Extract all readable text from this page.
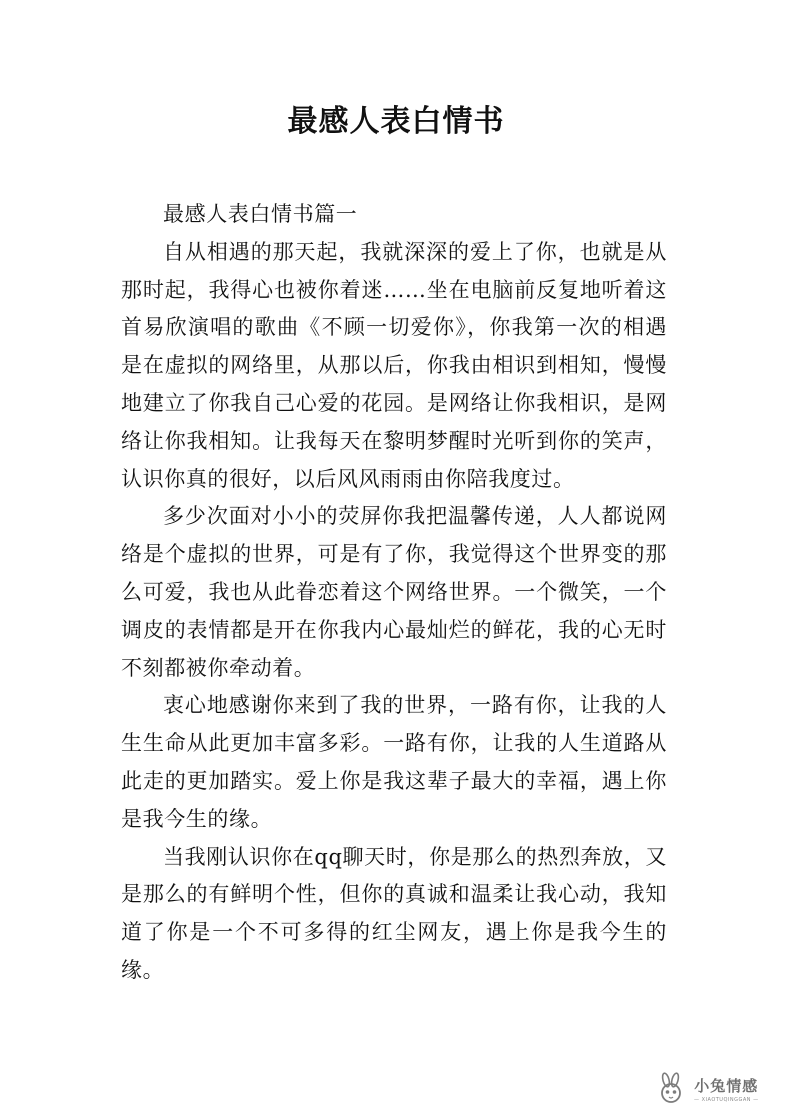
最感人表白情书

最感人表白情书篇一

自从相遇的那天起，我就深深的爱上了你，也就是从那时起，我得心也被你着迷……坐在电脑前反复地听着这首易欣演唱的歌曲《不顾一切爱你》，你我第一次的相遇是在虚拟的网络里，从那以后，你我由相识到相知，慢慢地建立了你我自己心爱的花园。是网络让你我相识，是网络让你我相知。让我每天在黎明梦醒时光听到你的笑声，认识你真的很好，以后风风雨雨由你陪我度过。

多少次面对小小的荧屏你我把温馨传递，人人都说网络是个虚拟的世界，可是有了你，我觉得这个世界变的那么可爱，我也从此眷恋着这个网络世界。一个微笑，一个调皮的表情都是开在你我内心最灿烂的鲜花，我的心无时不刻都被你牵动着。

衷心地感谢你来到了我的世界，一路有你，让我的人生生命从此更加丰富多彩。一路有你，让我的人生道路从此走的更加踏实。爱上你是我这辈子最大的幸福，遇上你是我今生的缘。

当我刚认识你在qq聊天时，你是那么的热烈奔放，又是那么的有鲜明个性，但你的真诚和温柔让我心动，我知道了你是一个不可多得的红尘网友，遇上你是我今生的缘。

小兔情感
— XIAOTUQINGGAN —
